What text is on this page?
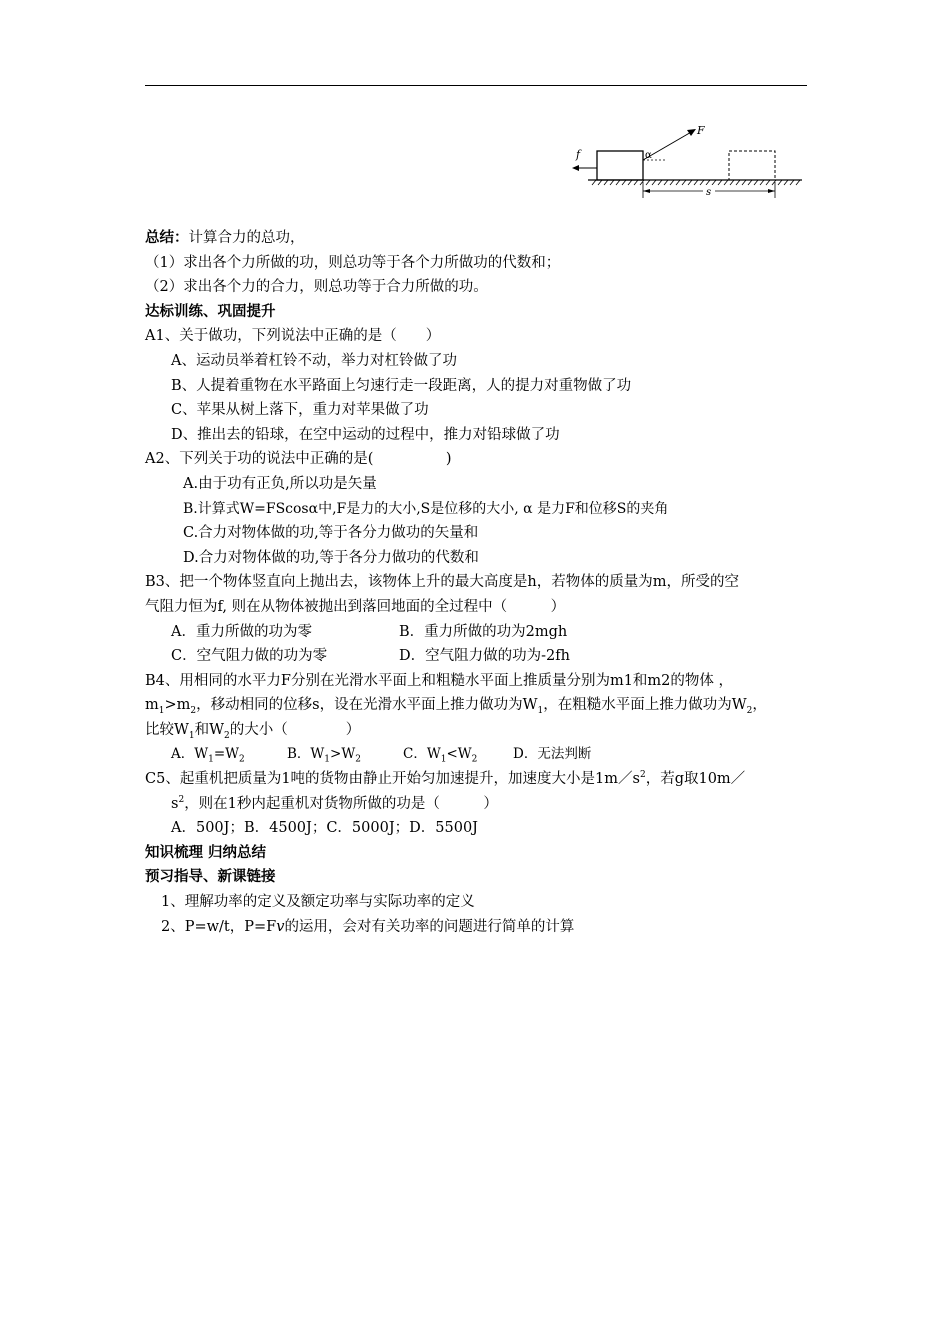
f
F
α
s
总结：计算合力的总功，
（1）求出各个力所做的功，则总功等于各个力所做功的代数和；
（2）求出各个力的合力，则总功等于合力所做的功。
达标训练、巩固提升
A1、关于做功，下列说法中正确的是（　　）
A、运动员举着杠铃不动，举力对杠铃做了功
B、人提着重物在水平路面上匀速行走一段距离，人的提力对重物做了功
C、苹果从树上落下，重力对苹果做了功
D、推出去的铅球，在空中运动的过程中，推力对铅球做了功
A2、下列关于功的说法中正确的是(　　　　　)
A.由于功有正负,所以功是矢量
B.计算式W=FScosα中,F是力的大小,S是位移的大小, α 是力F和位移S的夹角
C.合力对物体做的功,等于各分力做功的矢量和
D.合力对物体做的功,等于各分力做功的代数和
B3、把一个物体竖直向上抛出去，该物体上升的最大高度是h，若物体的质量为m，所受的空
气阻力恒为f, 则在从物体被抛出到落回地面的全过程中（　　　）
A．重力所做的功为零	B．重力所做的功为2mgh
C．空气阻力做的功为零	D．空气阻力做的功为-2fh
B4、用相同的水平力F分别在光滑水平面上和粗糙水平面上推质量分别为m1和m2的物体 ，
$m_1>m_2$，移动相同的位移s，设在光滑水平面上推力做功为$W_1$，在粗糙水平面上推力做功为$W_2$，
比较$W_1$和$W_2$的大小（　　　　）
A．$W_1=W_2$	B．$W_1>W_2$	C．$W_1<W_2$	D．无法判断
C5、起重机把质量为1吨的货物由静止开始匀加速提升，加速度大小是$1m/s^2$，若g取10m／
$s^2$，则在1秒内起重机对货物所做的功是（　　　）
A．500J；B．4500J；C．5000J；D．5500J
知识梳理 归纳总结
预习指导、新课链接
1、理解功率的定义及额定功率与实际功率的定义
2、P=w/t，P=Fv的运用，会对有关功率的问题进行简单的计算
